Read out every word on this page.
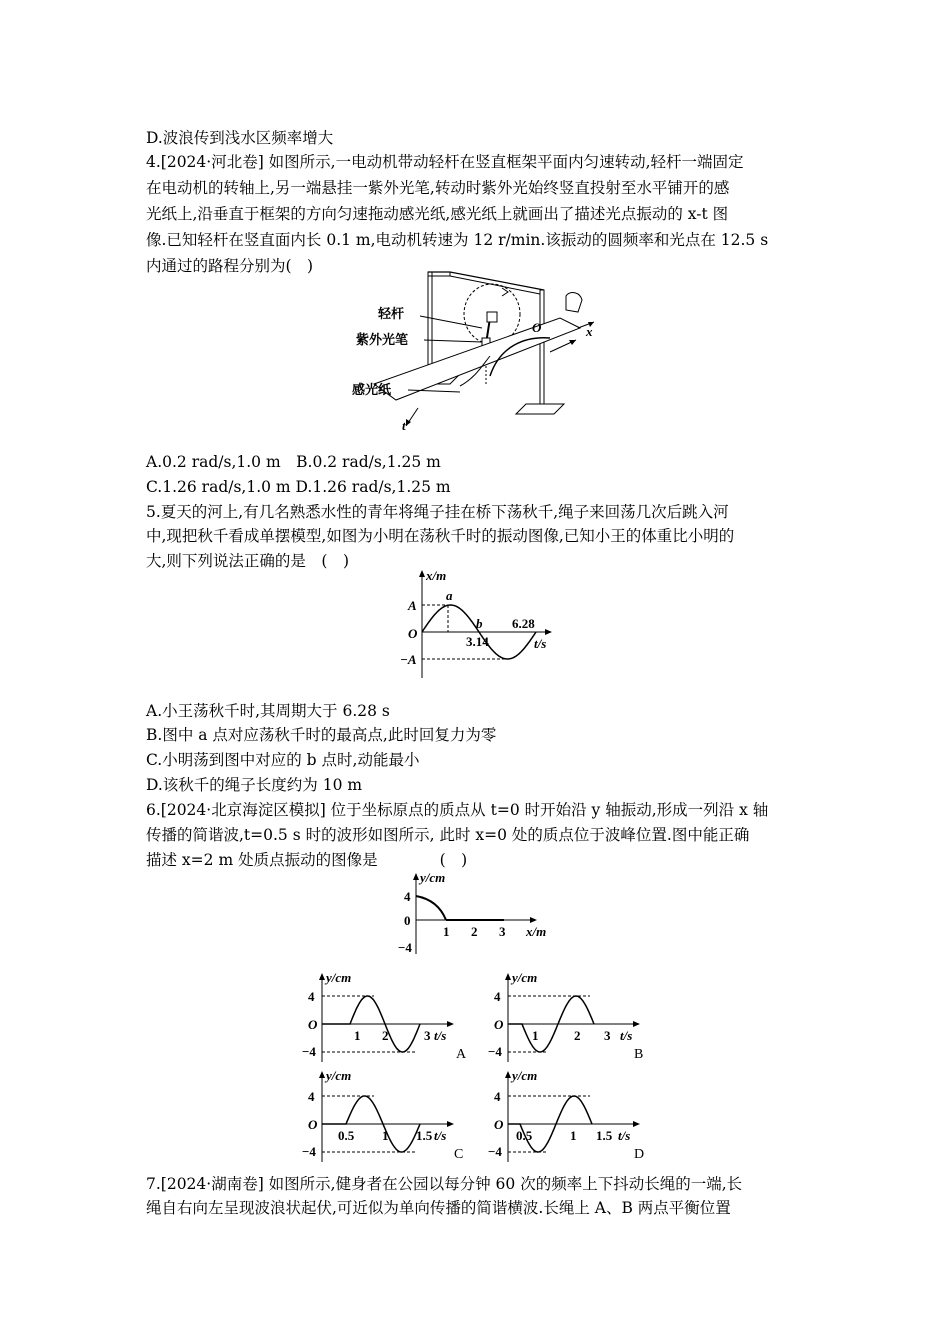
D.波浪传到浅水区频率增大
4.[2024·河北卷] 如图所示,一电动机带动轻杆在竖直框架平面内匀速转动,轻杆一端固定
在电动机的转轴上,另一端悬挂一紫外光笔,转动时紫外光始终竖直投射至水平铺开的感
光纸上,沿垂直于框架的方向匀速拖动感光纸,感光纸上就画出了描述光点振动的 x-t 图
像.已知轻杆在竖直面内长 0.1 m,电动机转速为 12 r/min.该振动的圆频率和光点在 12.5 s
内通过的路程分别为(　)
轻杆
紫外光笔
感光纸
O	x
t
A.0.2 rad/s,1.0 m　B.0.2 rad/s,1.25 m
C.1.26 rad/s,1.0 m D.1.26 rad/s,1.25 m
5.夏天的河上,有几名熟悉水性的青年将绳子挂在桥下荡秋千,绳子来回荡几次后跳入河
中,现把秋千看成单摆模型,如图为小明在荡秋千时的振动图像,已知小王的体重比小明的
大,则下列说法正确的是　(　)
x/m
t/s
A
−A
O
a
b
3.14
6.28
A.小王荡秋千时,其周期大于 6.28 s
B.图中 a 点对应荡秋千时的最高点,此时回复力为零
C.小明荡到图中对应的 b 点时,动能最小
D.该秋千的绳子长度约为 10 m
6.[2024·北京海淀区模拟] 位于坐标原点的质点从 t=0 时开始沿 y 轴振动,形成一列沿 x 轴
传播的简谐波,t=0.5 s 时的波形如图所示, 此时 x=0 处的质点位于波峰位置.图中能正确
描述 x=2 m 处质点振动的图像是　　　　(　)
y/cm
x/m
4
0
−4
1 2 3
y/cm
4
O
−4
1 2	3 t/s
A
y/cm
4
O
−4
1	2 3 t/s
B
y/cm
4
O
−4
0.5 1 1.5 t/s
C
y/cm
4
O
−4
0.5	1 1.5 t/s
D
7.[2024·湖南卷] 如图所示,健身者在公园以每分钟 60 次的频率上下抖动长绳的一端,长
绳自右向左呈现波浪状起伏,可近似为单向传播的简谐横波.长绳上 A、B 两点平衡位置
